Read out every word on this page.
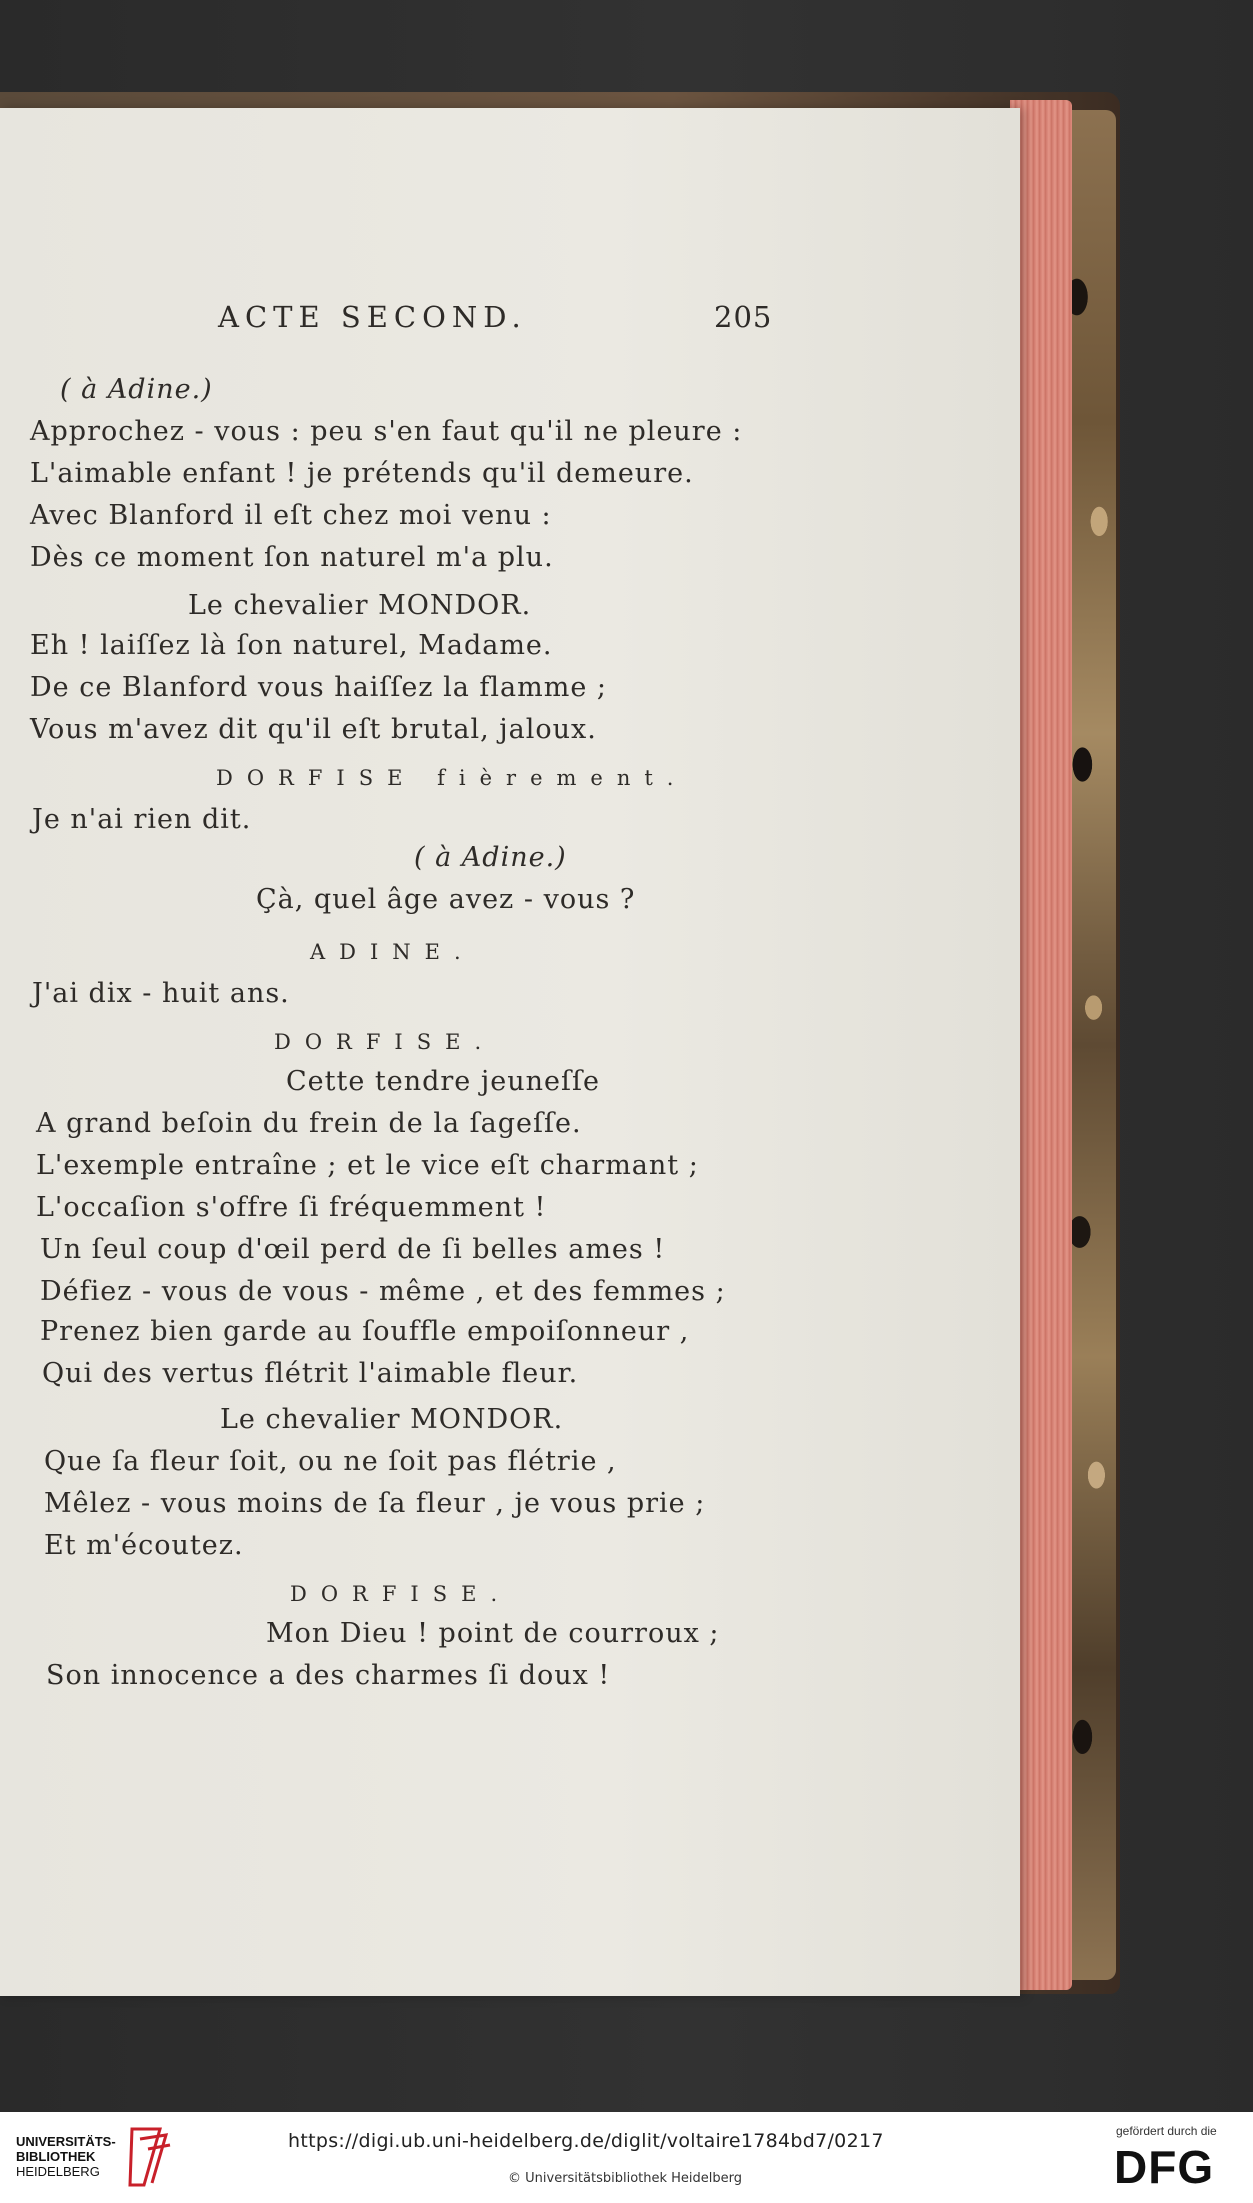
ACTE SECOND.	205
( à Adine.)
Approchez - vous : peu s'en faut qu'il ne pleure :
L'aimable enfant ! je prétends qu'il demeure.
Avec Blanford il eſt chez moi venu :
Dès ce moment ſon naturel m'a plu.
Le chevalier MONDOR.
Eh ! laiſſez là ſon naturel, Madame.
De ce Blanford vous haiſſez la flamme ;
Vous m'avez dit qu'il eſt brutal, jaloux.
DORFISE fièrement.
Je n'ai rien dit.
( à Adine.)
Çà, quel âge avez - vous ?
ADINE.
J'ai dix - huit ans.
DORFISE.
Cette tendre jeuneſſe
A grand beſoin du frein de la ſageſſe.
L'exemple entraîne ; et le vice eſt charmant ;
L'occaſion s'offre ſi fréquemment !
Un ſeul coup d'œil perd de ſi belles ames !
Défiez - vous de vous - même , et des femmes ;
Prenez bien garde au ſouffle empoiſonneur ,
Qui des vertus flétrit l'aimable fleur.
Le chevalier MONDOR.
Que ſa fleur ſoit, ou ne ſoit pas flétrie ,
Mêlez - vous moins de ſa fleur , je vous prie ;
Et m'écoutez.
DORFISE.
Mon Dieu ! point de courroux ;
Son innocence a des charmes ſi doux !
UNIVERSITÄTS- BIBLIOTHEK
HEIDELBERG
https://digi.ub.uni-heidelberg.de/diglit/voltaire1784bd7/0217
© Universitätsbibliothek Heidelberg
gefördert durch die
DFG
